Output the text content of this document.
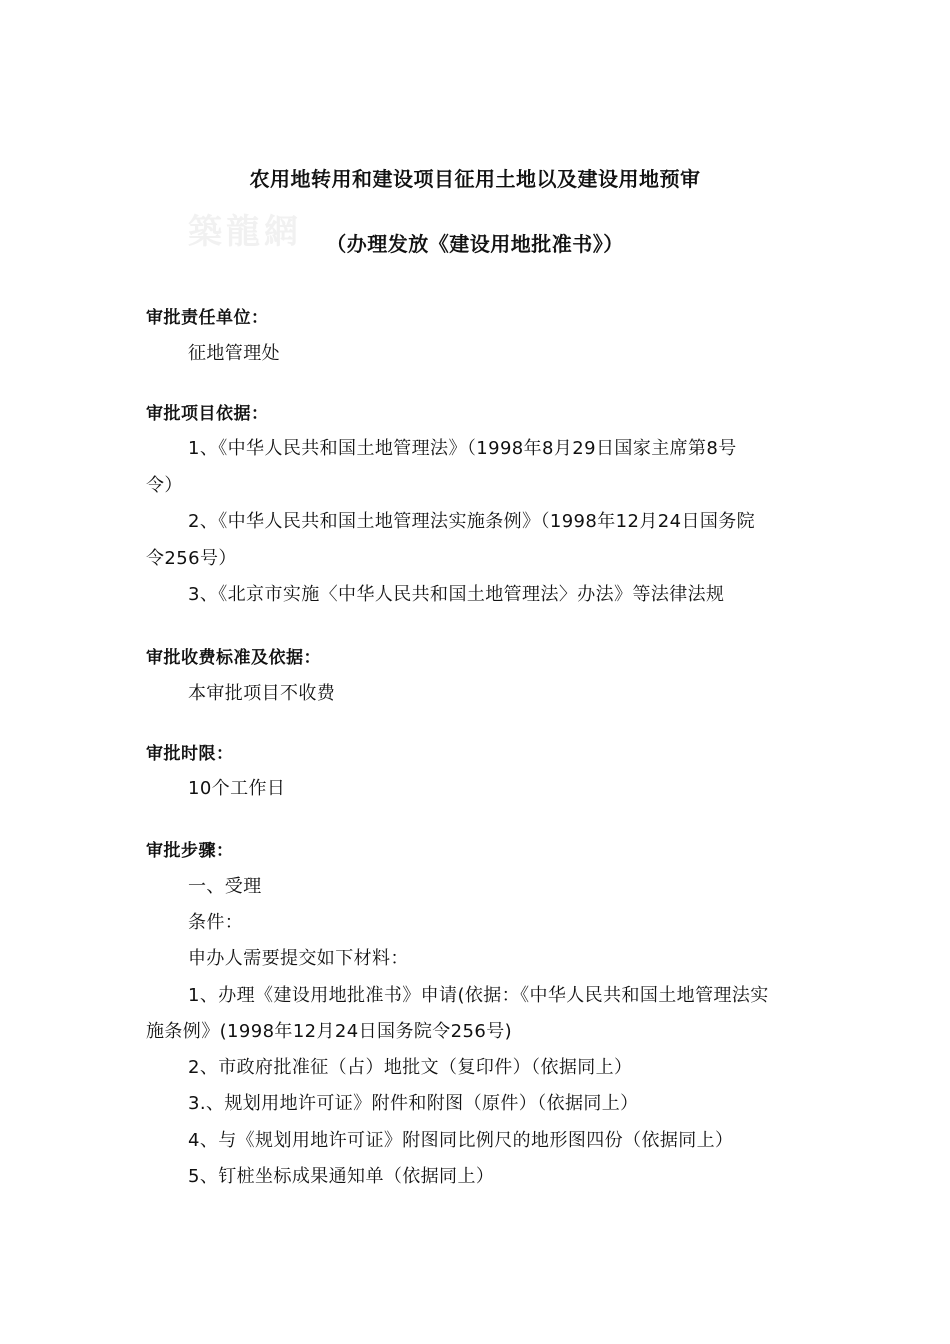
築龍網
农用地转用和建设项目征用土地以及建设用地预审
（办理发放《建设用地批准书》）
审批责任单位：
征地管理处
审批项目依据：
1、《中华人民共和国土地管理法》（1998年8月29日国家主席第8号
令）
2、《中华人民共和国土地管理法实施条例》（1998年12月24日国务院
令256号）
3、《北京市实施〈中华人民共和国土地管理法〉办法》等法律法规
审批收费标准及依据：
本审批项目不收费
审批时限：
10个工作日
审批步骤：
一、受理
条件：
申办人需要提交如下材料：
1、办理《建设用地批准书》申请(依据：《中华人民共和国土地管理法实
施条例》(1998年12月24日国务院令256号)
2、市政府批准征（占）地批文（复印件）（依据同上）
3.、规划用地许可证》附件和附图（原件）（依据同上）
4、与《规划用地许可证》附图同比例尺的地形图四份（依据同上）
5、钉桩坐标成果通知单（依据同上）
